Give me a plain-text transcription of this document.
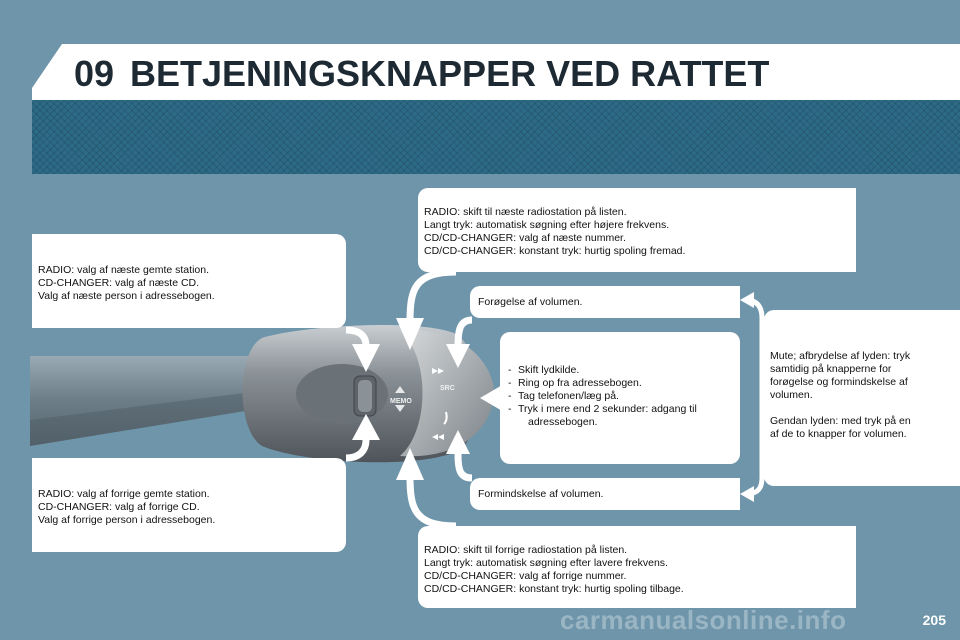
09 BETJENINGSKNAPPER VED RATTET
MEMO
SRC
RADIO: valg af næste gemte station.
CD-CHANGER: valg af næste CD.
Valg af næste person i adressebogen.
RADIO: valg af forrige gemte station.
CD-CHANGER: valg af forrige CD.
Valg af forrige person i adressebogen.
RADIO: skift til næste radiostation på listen.
Langt tryk: automatisk søgning efter højere frekvens.
CD/CD-CHANGER: valg af næste nummer.
CD/CD-CHANGER: konstant tryk: hurtig spoling fremad.
RADIO: skift til forrige radiostation på listen.
Langt tryk: automatisk søgning efter lavere frekvens.
CD/CD-CHANGER: valg af forrige nummer.
CD/CD-CHANGER: konstant tryk: hurtig spoling tilbage.
Forøgelse af volumen.
Formindskelse af volumen.
- Skift lydkilde.
- Ring op fra adressebogen.
- Tag telefonen/læg på.
- Tryk i mere end 2 sekunder: adgang til
adressebogen.
Mute; afbrydelse af lyden: tryk
samtidig på knapperne for
forøgelse og formindskelse af
volumen.
Gendan lyden: med tryk på en
af de to knapper for volumen.
carmanualsonline.info	205
